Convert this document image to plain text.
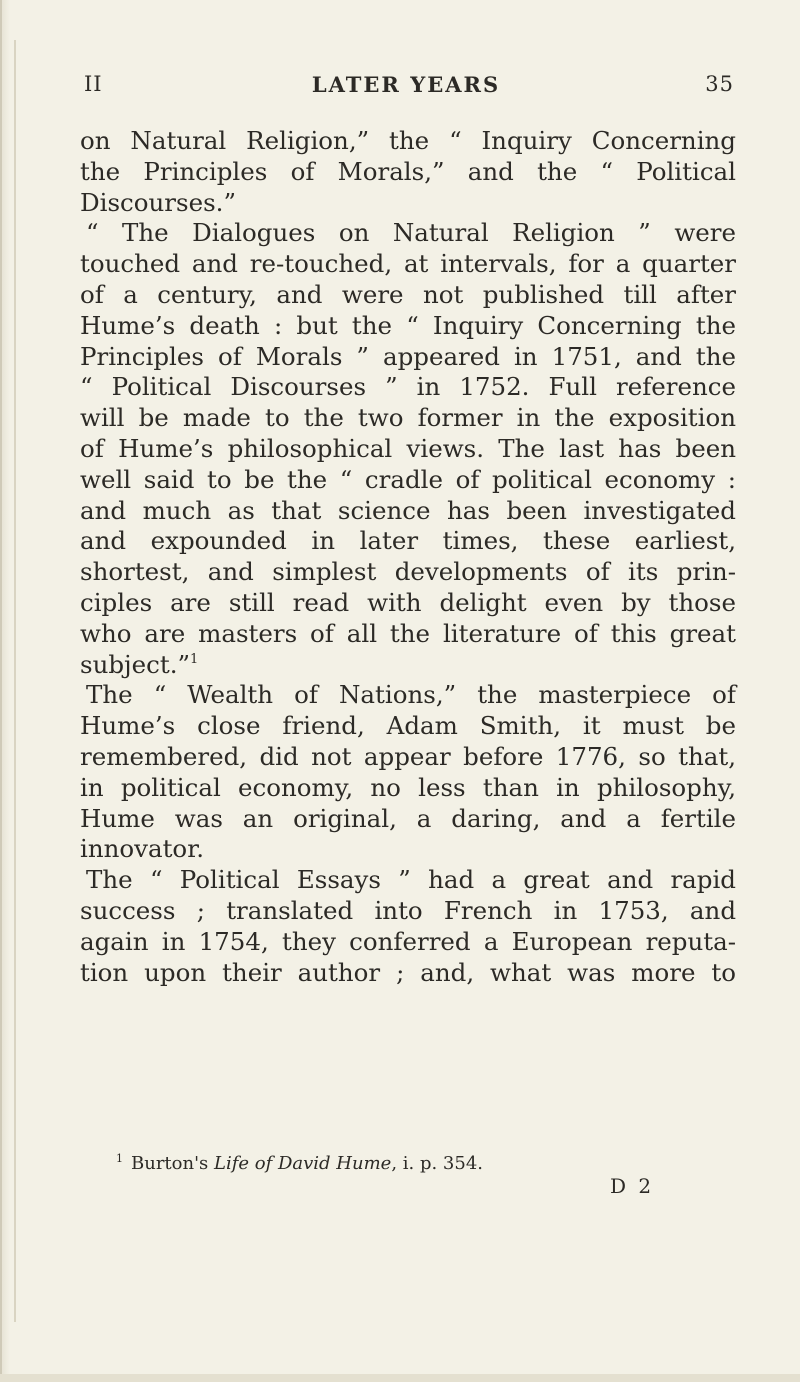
II	LATER YEARS	35
on Natural Religion,” the “ Inquiry Concerning
the Principles of Morals,” and the “ Political
Discourses.”
“ The Dialogues on Natural Religion ” were
touched and re-touched, at intervals, for a quarter
of a century, and were not published till after
Hume’s death : but the “ Inquiry Concerning the
Principles of Morals ” appeared in 1751, and the
“ Political Discourses ” in 1752. Full reference
will be made to the two former in the exposition
of Hume’s philosophical views. The last has been
well said to be the “ cradle of political economy :
and much as that science has been investigated
and expounded in later times, these earliest,
shortest, and simplest developments of its prin-
ciples are still read with delight even by those
who are masters of all the literature of this great
subject.”$^1$
The “ Wealth of Nations,” the masterpiece of
Hume’s close friend, Adam Smith, it must be
remembered, did not appear before 1776, so that,
in political economy, no less than in philosophy,
Hume was an original, a daring, and a fertile
innovator.
The “ Political Essays ” had a great and rapid
success ; translated into French in 1753, and
again in 1754, they conferred a European reputa-
tion upon their author ; and, what was more to
$^1$ Burton's Life of David Hume, i. p. 354.
D 2
